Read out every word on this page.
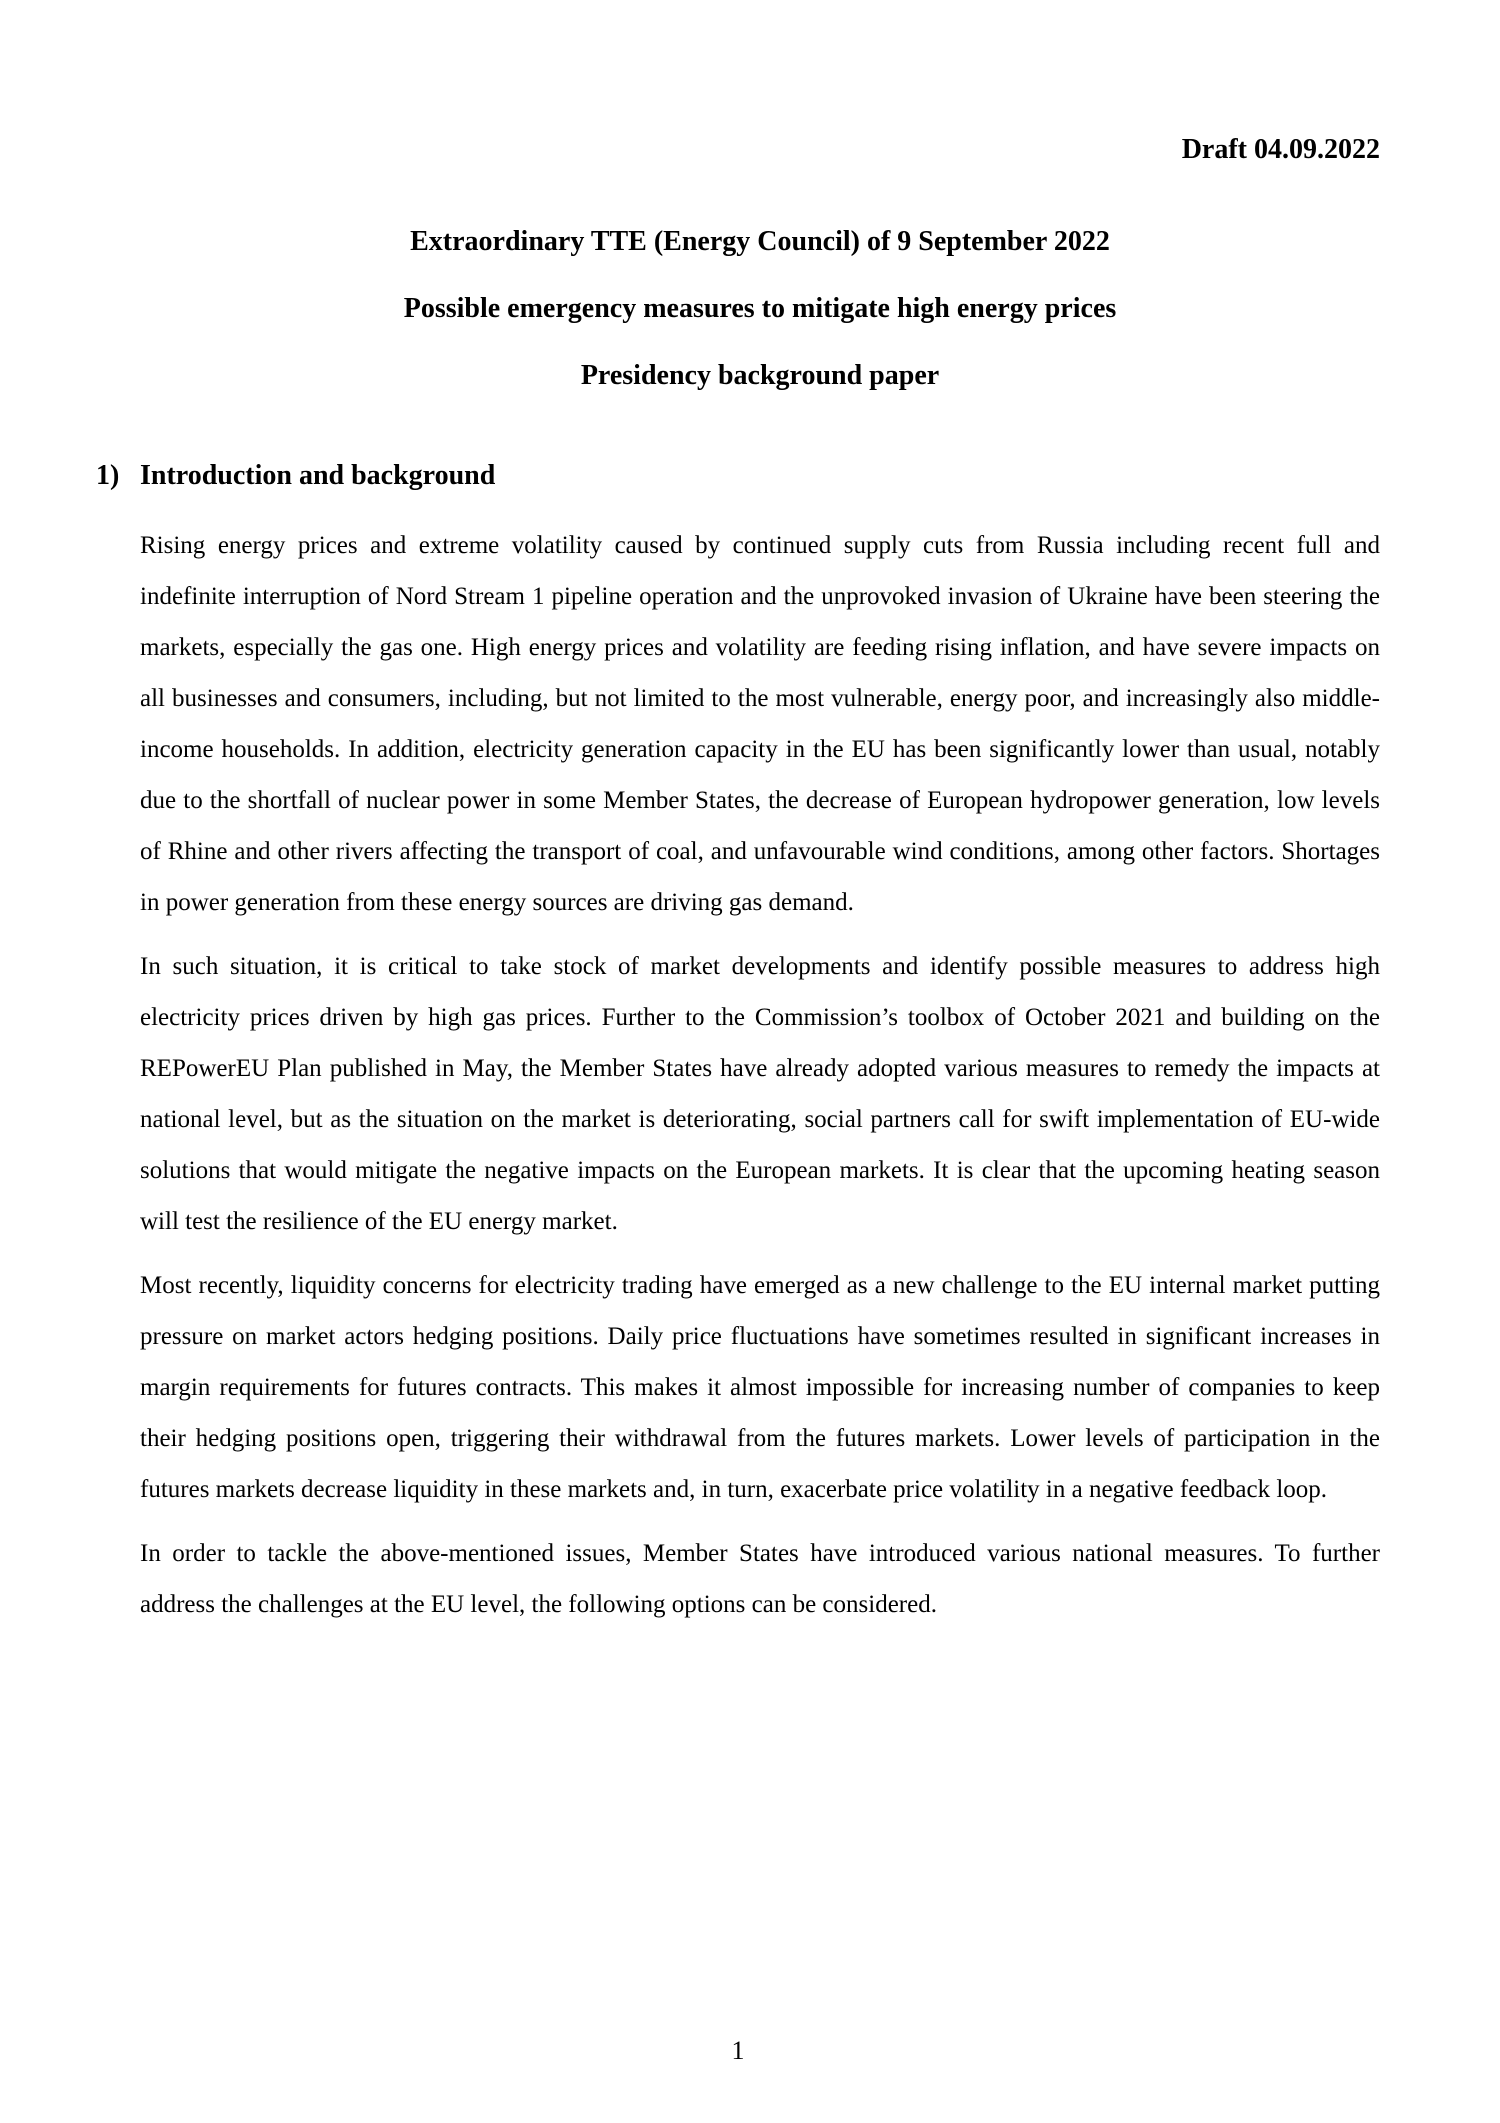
Draft 04.09.2022
Extraordinary TTE (Energy Council) of 9 September 2022
Possible emergency measures to mitigate high energy prices
Presidency background paper
1) Introduction and background

Rising energy prices and extreme volatility caused by continued supply cuts from Russia including recent full and indefinite interruption of Nord Stream 1 pipeline operation and the unprovoked invasion of Ukraine have been steering the markets, especially the gas one. High energy prices and volatility are feeding rising inflation, and have severe impacts on all businesses and consumers, including, but not limited to the most vulnerable, energy poor, and increasingly also middle-income households. In addition, electricity generation capacity in the EU has been significantly lower than usual, notably due to the shortfall of nuclear power in some Member States, the decrease of European hydropower generation, low levels of Rhine and other rivers affecting the transport of coal, and unfavourable wind conditions, among other factors. Shortages in power generation from these energy sources are driving gas demand.

In such situation, it is critical to take stock of market developments and identify possible measures to address high electricity prices driven by high gas prices. Further to the Commission’s toolbox of October 2021 and building on the REPowerEU Plan published in May, the Member States have already adopted various measures to remedy the impacts at national level, but as the situation on the market is deteriorating, social partners call for swift implementation of EU-wide solutions that would mitigate the negative impacts on the European markets. It is clear that the upcoming heating season will test the resilience of the EU energy market.

Most recently, liquidity concerns for electricity trading have emerged as a new challenge to the EU internal market putting pressure on market actors hedging positions. Daily price fluctuations have sometimes resulted in significant increases in margin requirements for futures contracts. This makes it almost impossible for increasing number of companies to keep their hedging positions open, triggering their withdrawal from the futures markets. Lower levels of participation in the futures markets decrease liquidity in these markets and, in turn, exacerbate price volatility in a negative feedback loop.

In order to tackle the above-mentioned issues, Member States have introduced various national measures. To further address the challenges at the EU level, the following options can be considered.

1
